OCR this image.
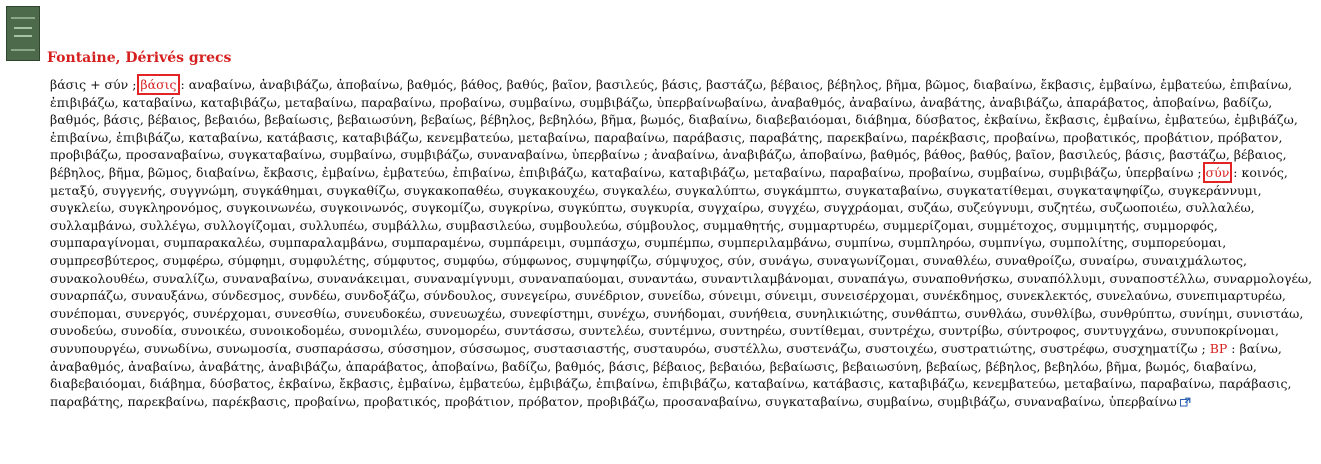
Fontaine, Dérivés grecs
βάσις + σύν ; βάσις : αναβαίνω, ἀναβιβάζω, ἀποβαίνω, βαθμός, βάθος, βαθύς, βαῖον, βασιλεύς, βάσις, βαστάζω, βέβαιος, βέβηλος, βῆμα, βῶμος, διαβαίνω, ἔκβασις, ἐμβαίνω, ἐμβατεύω, ἐπιβαίνω, ἐπιβιβάζω, καταβαίνω, καταβιβάζω, μεταβαίνω, παραβαίνω, προβαίνω, συμβαίνω, συμβιβάζω, ὑπερβαίνωβαίνω, ἀναβαθμός, ἀναβαίνω, ἀναβάτης, ἀναβιβάζω, ἀπαράβατος, ἀποβαίνω, βαδίζω, βαθμός, βάσις, βέβαιος, βεβαιόω, βεβαίωσις, βεβαιωσύνη, βεβαίως, βέβηλος, βεβηλόω, βῆμα, βωμός, διαβαίνω, διαβεβαιόομαι, διάβημα, δύσβατος, ἐκβαίνω, ἔκβασις, ἐμβαίνω, ἐμβατεύω, ἐμβιβάζω, ἐπιβαίνω, ἐπιβιβάζω, καταβαίνω, κατάβασις, καταβιβάζω, κενεμβατεύω, μεταβαίνω, παραβαίνω, παράβασις, παραβάτης, παρεκβαίνω, παρέκβασις, προβαίνω, προβατικός, προβάτιον, πρόβατον, προβιβάζω, προσαναβαίνω, συγκαταβαίνω, συμβαίνω, συμβιβάζω, συναναβαίνω, ὑπερβαίνω ; ἀναβαίνω, ἀναβιβάζω, ἀποβαίνω, βαθμός, βάθος, βαθύς, βαῖον, βασιλεύς, βάσις, βαστάζω, βέβαιος, βέβηλος, βῆμα, βῶμος, διαβαίνω, ἔκβασις, ἐμβαίνω, ἐμβατεύω, ἐπιβαίνω, ἐπιβιβάζω, καταβαίνω, καταβιβάζω, μεταβαίνω, παραβαίνω, προβαίνω, συμβαίνω, συμβιβάζω, ὑπερβαίνω ; σύν : κοινός, μεταξύ, συγγενής, συγγνώμη, συγκάθημαι, συγκαθίζω, συγκακοπαθέω, συγκακουχέω, συγκαλέω, συγκαλύπτω, συγκάμπτω, συγκαταβαίνω, συγκατατίθεμαι, συγκαταψηφίζω, συγκεράννυμι, συγκλείω, συγκληρονόμος, συγκοινωνέω, συγκοινωνός, συγκομίζω, συγκρίνω, συγκύπτω, συγκυρία, συγχαίρω, συγχέω, συγχράομαι, συζάω, συζεύγνυμι, συζητέω, συζωοποιέω, συλλαλέω, συλλαμβάνω, συλλέγω, συλλογίζομαι, συλλυπέω, συμβάλλω, συμβασιλεύω, συμβουλεύω, σύμβουλος, συμμαθητής, συμμαρτυρέω, συμμερίζομαι, συμμέτοχος, συμμιμητής, συμμορφός, συμπαραγίνομαι, συμπαρακαλέω, συμπαραλαμβάνω, συμπαραμένω, συμπάρειμι, συμπάσχω, συμπέμπω, συμπεριλαμβάνω, συμπίνω, συμπληρόω, συμπνίγω, συμπολίτης, συμπορεύομαι, συμπρεσβύτερος, συμφέρω, σύμφημι, συμφυλέτης, σύμφυτος, συμφύω, σύμφωνος, συμψηφίζω, σύμψυχος, σύν, συνάγω, συναγωνίζομαι, συναθλέω, συναθροίζω, συναίρω, συναιχμάλωτος, συνακολουθέω, συναλίζω, συναναβαίνω, συνανάκειμαι, συναναμίγνυμι, συναναπαύομαι, συναντάω, συναντιλαμβάνομαι, συναπάγω, συναποθνήσκω, συναπόλλυμι, συναποστέλλω, συναρμολογέω, συναρπάζω, συναυξάνω, σύνδεσμος, συνδέω, συνδοξάζω, σύνδουλος, συνεγείρω, συνέδριον, συνείδω, σύνειμι, σύνειμι, συνεισέρχομαι, συνέκδημος, συνεκλεκτός, συνελαύνω, συνεπιμαρτυρέω, συνέπομαι, συνεργός, συνέρχομαι, συνεσθίω, συνευδοκέω, συνευωχέω, συνεφίστημι, συνέχω, συνήδομαι, συνήθεια, συνηλικιώτης, συνθάπτω, συνθλάω, συνθλίβω, συνθρύπτω, συνίημι, συνιστάω, συνοδεύω, συνοδία, συνοικέω, συνοικοδομέω, συνομιλέω, συνομορέω, συντάσσω, συντελέω, συντέμνω, συντηρέω, συντίθεμαι, συντρέχω, συντρίβω, σύντροφος, συντυγχάνω, συνυποκρίνομαι, συνυπουργέω, συνωδίνω, συνωμοσία, συσπαράσσω, σύσσημον, σύσσωμος, συστασιαστής, συσταυρόω, συστέλλω, συστενάζω, συστοιχέω, συστρατιώτης, συστρέφω, συσχηματίζω ; BP : βαίνω, ἀναβαθμός, ἀναβαίνω, ἀναβάτης, ἀναβιβάζω, ἀπαράβατος, ἀποβαίνω, βαδίζω, βαθμός, βάσις, βέβαιος, βεβαιόω, βεβαίωσις, βεβαιωσύνη, βεβαίως, βέβηλος, βεβηλόω, βῆμα, βωμός, διαβαίνω, διαβεβαιόομαι, διάβημα, δύσβατος, ἐκβαίνω, ἔκβασις, ἐμβαίνω, ἐμβατεύω, ἐμβιβάζω, ἐπιβαίνω, ἐπιβιβάζω, καταβαίνω, κατάβασις, καταβιβάζω, κενεμβατεύω, μεταβαίνω, παραβαίνω, παράβασις, παραβάτης, παρεκβαίνω, παρέκβασις, προβαίνω, προβατικός, προβάτιον, πρόβατον, προβιβάζω, προσαναβαίνω, συγκαταβαίνω, συμβαίνω, συμβιβάζω, συναναβαίνω, ὑπερβαίνω
